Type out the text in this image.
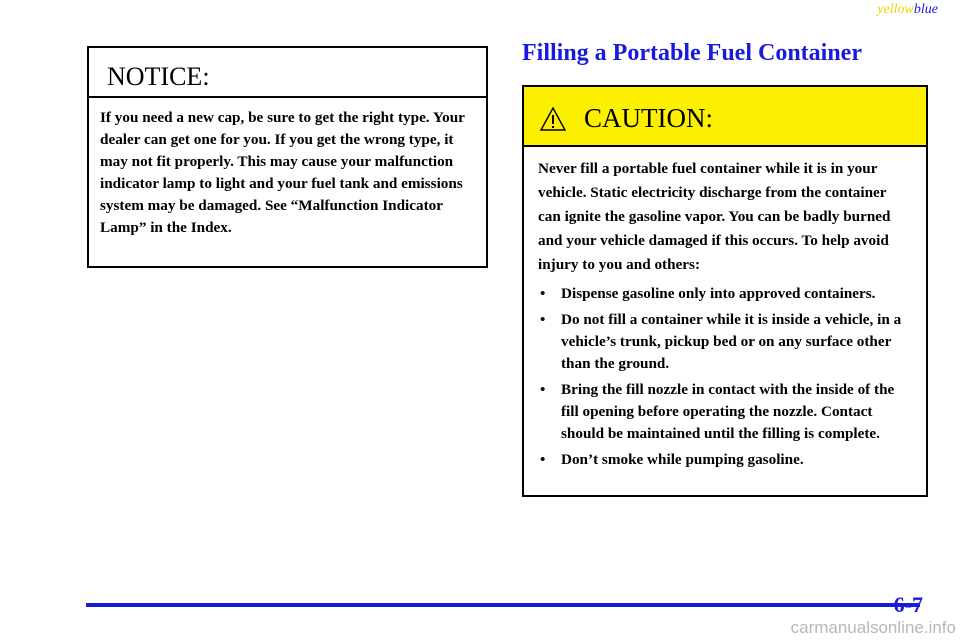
yellowblue
NOTICE:
If you need a new cap, be sure to get the right type. Your dealer can get one for you. If you get the wrong type, it may not fit properly. This may cause your malfunction indicator lamp to light and your fuel tank and emissions system may be damaged. See “Malfunction Indicator Lamp” in the Index.
Filling a Portable Fuel Container
CAUTION:

Never fill a portable fuel container while it is in your vehicle. Static electricity discharge from the container can ignite the gasoline vapor. You can be badly burned and your vehicle damaged if this occurs. To help avoid injury to you and others:

• Dispense gasoline only into approved containers.
• Do not fill a container while it is inside a vehicle, in a vehicle’s trunk, pickup bed or on any surface other than the ground.
• Bring the fill nozzle in contact with the inside of the fill opening before operating the nozzle. Contact should be maintained until the filling is complete.
• Don’t smoke while pumping gasoline.
6-7
carmanualsonline.info
